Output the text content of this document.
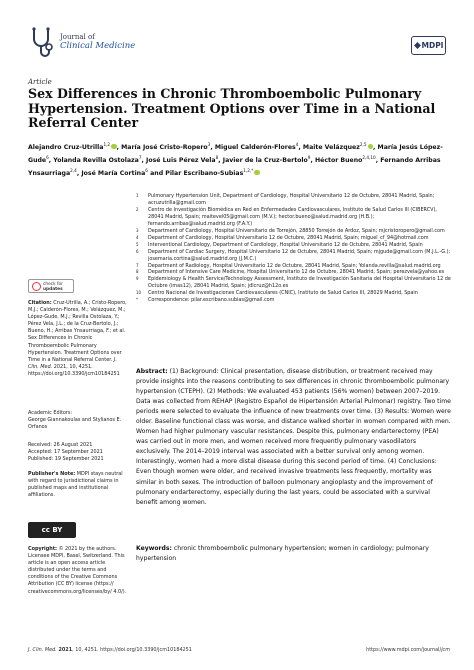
Journal of
Clinical Medicine	MDPI
Article
Sex Differences in Chronic Thromboembolic Pulmonary Hypertension. Treatment Options over Time in a National Referral Center
Alejandro Cruz-Utrilla$^{1,2}$ , María José Cristo-Ropero$^3$, Miguel Calderón-Flores$^4$, Maite Velázquez$^{2,5}$ , María Jesús López-Gude$^6$, Yolanda Revilla Ostolaza$^7$, José Luis Pérez Vela$^8$, Javier de la Cruz-Bertolo$^9$, Héctor Bueno$^{2,4,10}$, Fernando Arribas Ynsaurriaga$^{2,4}$, José María Cortina$^6$ and Pilar Escribano-Subias$^{1,2,*}$
1 Pulmonary Hypertension Unit, Department of Cardiology, Hospital Universitario 12 de Octubre, 28041 Madrid, Spain; acruzutrilla@gmail.com
2 Centro de Investigación Biomédica en Red en Enfermedades Cardiovasculares, Instituto de Salud Carlos III (CIBERCV), 28041 Madrid, Spain; maitevel05@gmail.com (M.V.); hector.bueno@salud.madrid.org (H.B.); fernando.arribas@salud.madrid.org (F.A.Y.)
3 Department of Cardiology, Hospital Universitario de Torrejón, 28850 Torrejón de Ardoz, Spain; mjcristoropero@gmail.com
4 Department of Cardiology, Hospital Universitario 12 de Octubre, 28041 Madrid, Spain; miguel_cf_94@hotmail.com
5 Interventional Cardiology, Department of Cardiology, Hospital Universitario 12 de Octubre, 28041 Madrid, Spain
6 Department of Cardiac Surgery, Hospital Universitario 12 de Octubre, 28041 Madrid, Spain; mjgude@gmail.com (M.J.L.-G.); josemaria.cortina@salud.madrid.org (J.M.C.)
7 Department of Radiology, Hospital Universitario 12 de Octubre, 28041 Madrid, Spain; Yolanda.revilla@salud.madrid.org
8 Department of Intensive Care Medicine, Hospital Universitario 12 de Octubre, 28041 Madrid, Spain; perezvela@yahoo.es
9 Epidemiology & Health Service/Technology Assessment, Instituto de Investigación Sanitaria del Hospital Universitario 12 de Octubre (imas12), 28041 Madrid, Spain; jdlcruz@h12o.es
10 Centro Nacional de Investigaciones Cardiovasculares (CNIC), Instituto de Salud Carlos III, 28029 Madrid, Spain
* Correspondence: pilar.escribano.subias@gmail.com
check for
updates
Citation: Cruz-Utrilla, A.; Cristo-Ropero, M.J.; Calderón-Flores, M.; Velázquez, M.; López-Gude, M.J.; Revilla Ostolaza, Y.; Pérez Vela, J.L.; de la Cruz-Bertolo, J.; Bueno, H.; Arribas Ynsaurriaga, F.; et al. Sex Differences in Chronic Thromboembolic Pulmonary Hypertension. Treatment Options over Time in a National Referral Center. J. Clin. Med. 2021, 10, 4251. https://doi.org/10.3390/jcm10184251
Academic Editors:
George Giannakoulas and Stylianos E. Orfanos
Received: 26 August 2021
Accepted: 17 September 2021
Published: 19 September 2021
Publisher's Note: MDPI stays neutral with regard to jurisdictional claims in published maps and institutional affiliations.
cc BY
Copyright: © 2021 by the authors. Licensee MDPI, Basel, Switzerland. This article is an open access article distributed under the terms and conditions of the Creative Commons Attribution (CC BY) license (https:// creativecommons.org/licenses/by/ 4.0/).
Abstract: (1) Background: Clinical presentation, disease distribution, or treatment received may provide insights into the reasons contributing to sex differences in chronic thromboembolic pulmonary hypertension (CTEPH). (2) Methods: We evaluated 453 patients (56% women) between 2007–2019. Data was collected from REHAP (Registro Español de Hipertensión Arterial Pulmonar) registry. Two time periods were selected to evaluate the influence of new treatments over time. (3) Results: Women were older. Baseline functional class was worse, and distance walked shorter in women compared with men. Women had higher pulmonary vascular resistances. Despite this, pulmonary endarterectomy (PEA) was carried out in more men, and women received more frequently pulmonary vasodilators exclusively. The 2014–2019 interval was associated with a better survival only among women. Interestingly, women had a more distal disease during this second period of time. (4) Conclusions: Even though women were older, and received invasive treatments less frequently, mortality was similar in both sexes. The introduction of balloon pulmonary angioplasty and the improvement of pulmonary endarterectomy, especially during the last years, could be associated with a survival benefit among women.
Keywords: chronic thromboembolic pulmonary hypertension; women in cardiology; pulmonary hypertension
J. Clin. Med. 2021, 10, 4251. https://doi.org/10.3390/jcm10184251	https://www.mdpi.com/journal/jcm
